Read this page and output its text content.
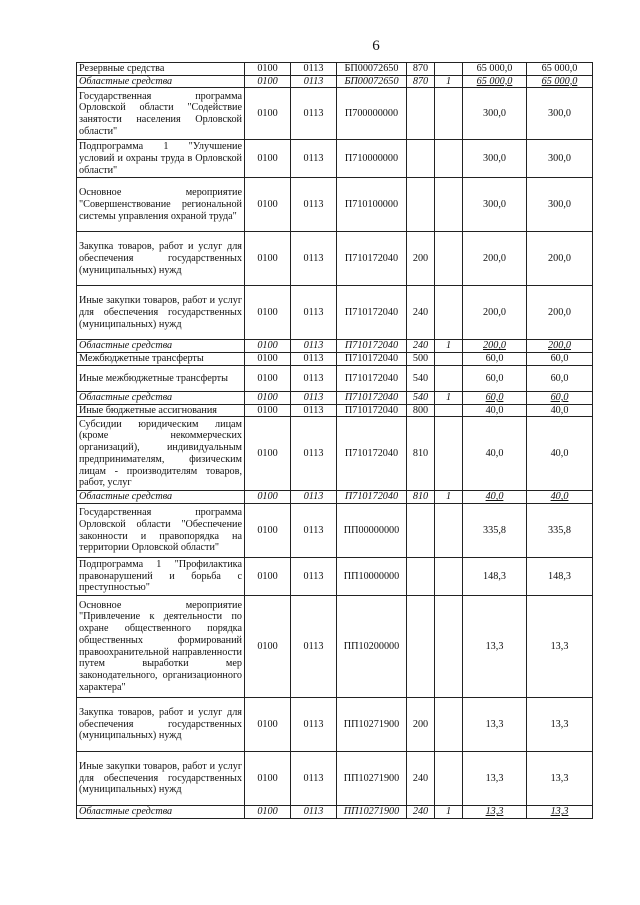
6
Резервные средства	0100	0113	БП00072650	870		65 000,0	65 000,0
Областные средства	0100	0113	БП00072650	870	1	65 000,0	65 000,0
Государственная программа Орловской области "Содействие занятости населения Орловской области"	0100	0113	П700000000			300,0	300,0
Подпрограмма 1 "Улучшение условий и охраны труда в Орловской области"	0100	0113	П710000000			300,0	300,0
Основное мероприятие "Совершенствование региональной системы управления охраной труда"	0100	0113	П710100000			300,0	300,0
Закупка товаров, работ и услуг для обеспечения государственных (муниципальных) нужд	0100	0113	П710172040	200		200,0	200,0
Иные закупки товаров, работ и услуг для обеспечения государственных (муниципальных) нужд	0100	0113	П710172040	240		200,0	200,0
Областные средства	0100	0113	П710172040	240	1	200,0	200,0
Межбюджетные трансферты	0100	0113	П710172040	500		60,0	60,0
Иные межбюджетные трансферты	0100	0113	П710172040	540		60,0	60,0
Областные средства	0100	0113	П710172040	540	1	60,0	60,0
Иные бюджетные ассигнования	0100	0113	П710172040	800		40,0	40,0
Субсидии юридическим лицам (кроме некоммерческих организаций), индивидуальным предпринимателям, физическим лицам - производителям товаров, работ, услуг	0100	0113	П710172040	810		40,0	40,0
Областные средства	0100	0113	П710172040	810	1	40,0	40,0
Государственная программа Орловской области "Обеспечение законности и правопорядка на территории Орловской области"	0100	0113	ПП00000000			335,8	335,8
Подпрограмма 1 "Профилактика правонарушений и борьба с преступностью"	0100	0113	ПП10000000			148,3	148,3
Основное мероприятие "Привлечение к деятельности по охране общественного порядка общественных формирований правоохранительной направленности путем выработки мер законодательного, организационного характера"	0100	0113	ПП10200000			13,3	13,3
Закупка товаров, работ и услуг для обеспечения государственных (муниципальных) нужд	0100	0113	ПП10271900	200		13,3	13,3
Иные закупки товаров, работ и услуг для обеспечения государственных (муниципальных) нужд	0100	0113	ПП10271900	240		13,3	13,3
Областные средства	0100	0113	ПП10271900	240	1	13,3	13,3
